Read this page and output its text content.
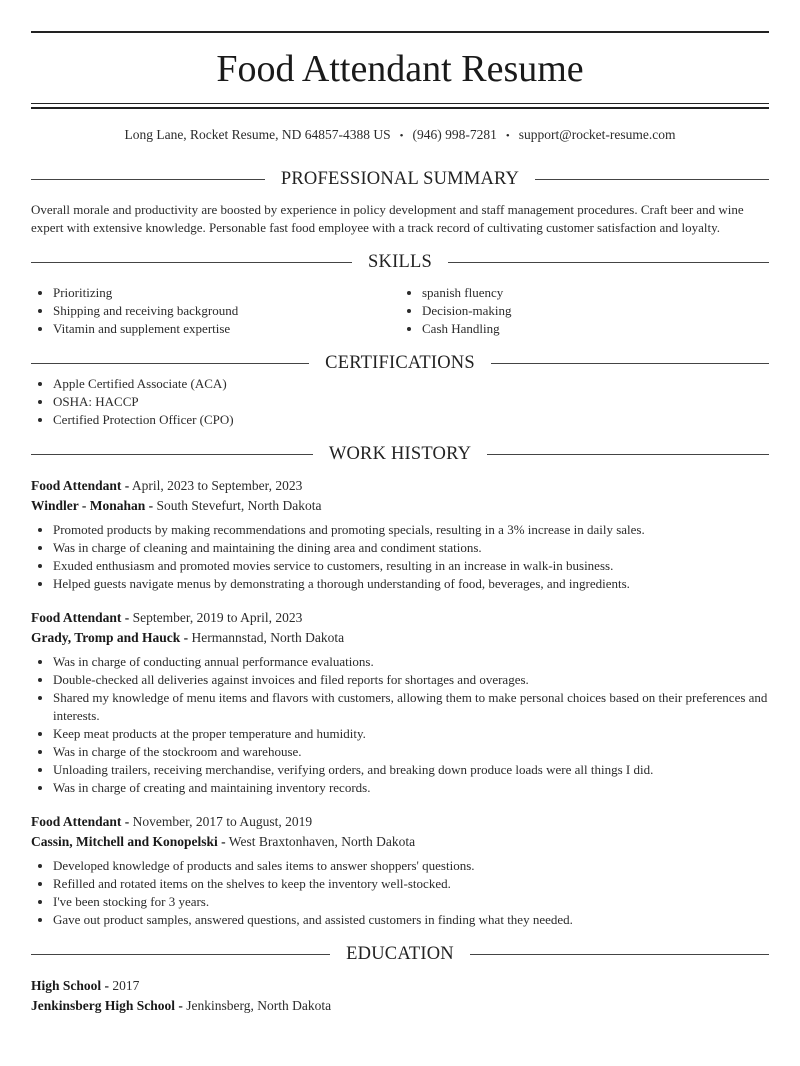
Food Attendant Resume
Long Lane, Rocket Resume, ND 64857-4388 US • (946) 998-7281 • support@rocket-resume.com
PROFESSIONAL SUMMARY
Overall morale and productivity are boosted by experience in policy development and staff management procedures. Craft beer and wine expert with extensive knowledge. Personable fast food employee with a track record of cultivating customer satisfaction and loyalty.
SKILLS
• Prioritizing
• Shipping and receiving background
• Vitamin and supplement expertise
• spanish fluency
• Decision-making
• Cash Handling
CERTIFICATIONS
• Apple Certified Associate (ACA)
• OSHA: HACCP
• Certified Protection Officer (CPO)
WORK HISTORY
Food Attendant - April, 2023 to September, 2023
Windler - Monahan - South Stevefurt, North Dakota
• Promoted products by making recommendations and promoting specials, resulting in a 3% increase in daily sales.
• Was in charge of cleaning and maintaining the dining area and condiment stations.
• Exuded enthusiasm and promoted movies service to customers, resulting in an increase in walk-in business.
• Helped guests navigate menus by demonstrating a thorough understanding of food, beverages, and ingredients.
Food Attendant - September, 2019 to April, 2023
Grady, Tromp and Hauck - Hermannstad, North Dakota
• Was in charge of conducting annual performance evaluations.
• Double-checked all deliveries against invoices and filed reports for shortages and overages.
• Shared my knowledge of menu items and flavors with customers, allowing them to make personal choices based on their preferences and interests.
• Keep meat products at the proper temperature and humidity.
• Was in charge of the stockroom and warehouse.
• Unloading trailers, receiving merchandise, verifying orders, and breaking down produce loads were all things I did.
• Was in charge of creating and maintaining inventory records.
Food Attendant - November, 2017 to August, 2019
Cassin, Mitchell and Konopelski - West Braxtonhaven, North Dakota
• Developed knowledge of products and sales items to answer shoppers' questions.
• Refilled and rotated items on the shelves to keep the inventory well-stocked.
• I've been stocking for 3 years.
• Gave out product samples, answered questions, and assisted customers in finding what they needed.
EDUCATION
High School - 2017
Jenkinsberg High School - Jenkinsberg, North Dakota
